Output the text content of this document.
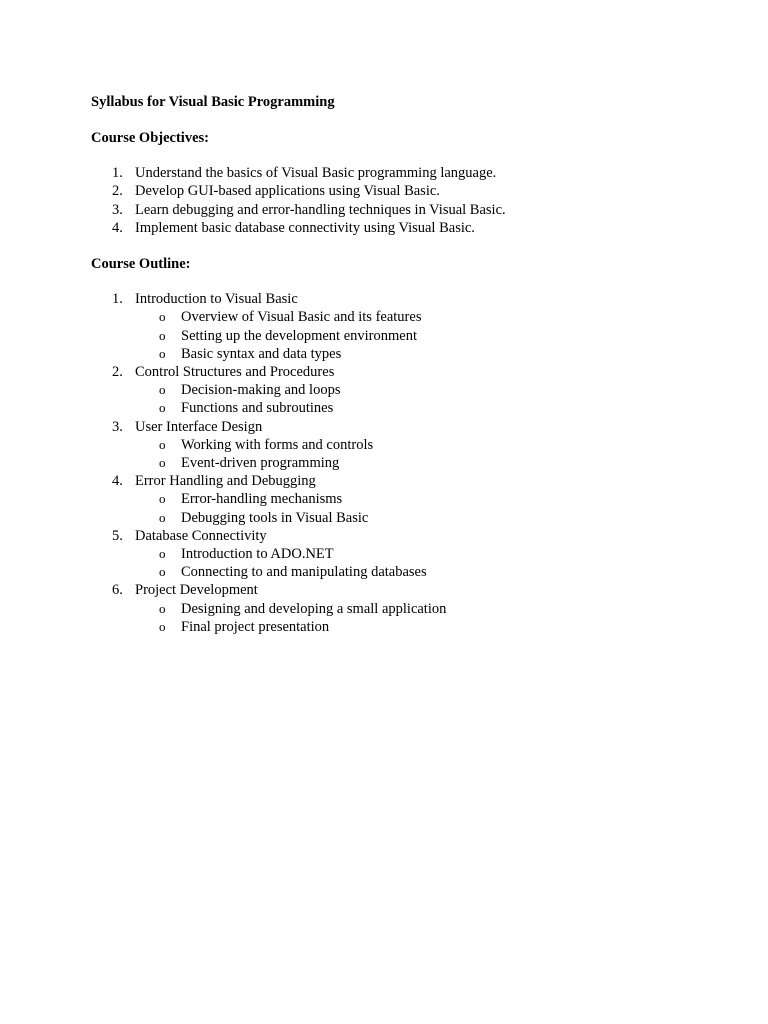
Syllabus for Visual Basic Programming

Course Objectives:

1. Understand the basics of Visual Basic programming language.
2. Develop GUI-based applications using Visual Basic.
3. Learn debugging and error-handling techniques in Visual Basic.
4. Implement basic database connectivity using Visual Basic.

Course Outline:

1. Introduction to Visual Basic
o Overview of Visual Basic and its features
o Setting up the development environment
o Basic syntax and data types
2. Control Structures and Procedures
o Decision-making and loops
o Functions and subroutines
3. User Interface Design
o Working with forms and controls
o Event-driven programming
4. Error Handling and Debugging
o Error-handling mechanisms
o Debugging tools in Visual Basic
5. Database Connectivity
o Introduction to ADO.NET
o Connecting to and manipulating databases
6. Project Development
o Designing and developing a small application
o Final project presentation
